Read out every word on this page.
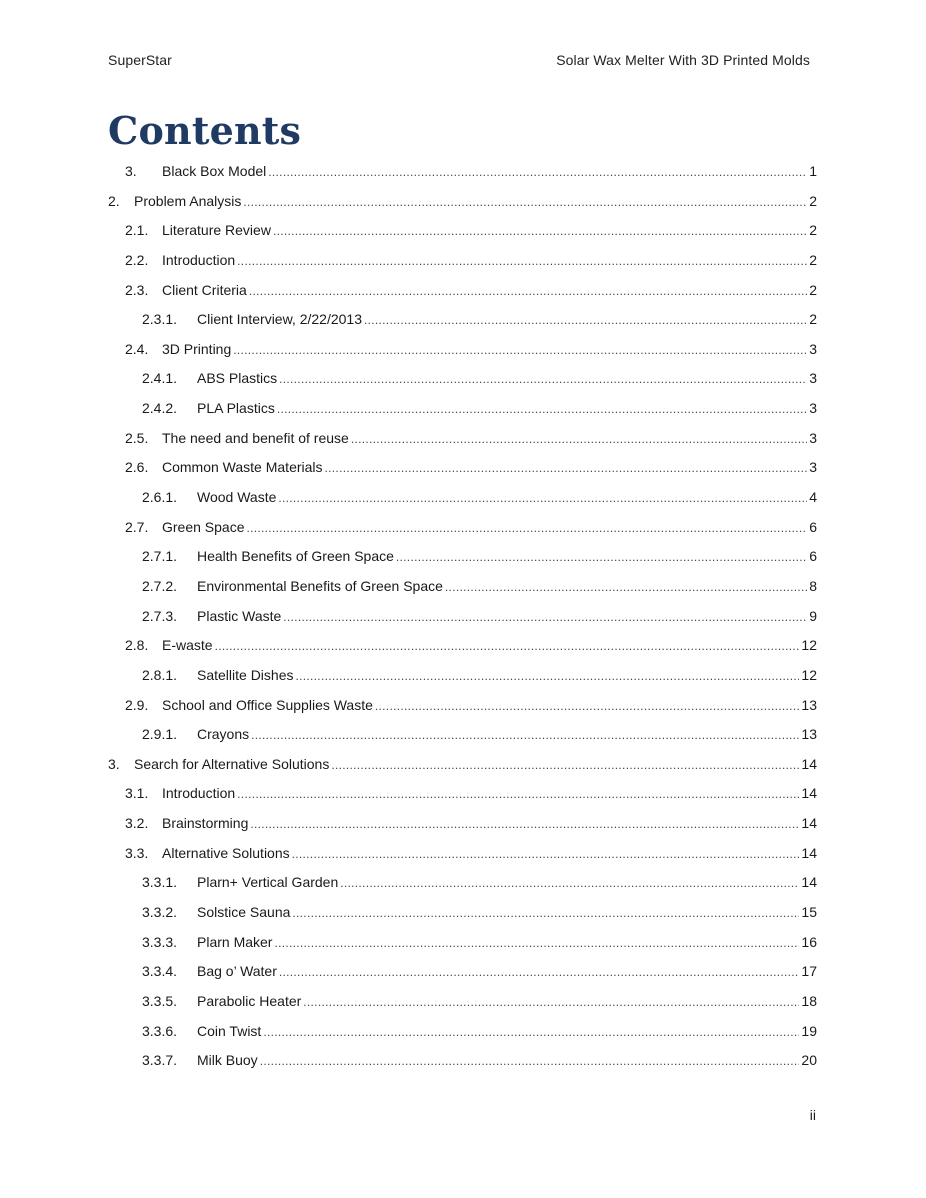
SuperStar	Solar Wax Melter With 3D Printed Molds
Contents
3.	Black Box Model .....	1
2.	Problem Analysis .....	2
2.1. Literature Review .....	2
2.2. Introduction .....	2
2.3. Client Criteria .....	2
2.3.1.	Client Interview, 2/22/2013 .....	2
2.4. 3D Printing .....	3
2.4.1.	ABS Plastics .....	3
2.4.2.	PLA Plastics .....	3
2.5. The need and benefit of reuse .....	3
2.6. Common Waste Materials .....	3
2.6.1.	Wood Waste .....	4
2.7. Green Space .....	6
2.7.1.	Health Benefits of Green Space .....	6
2.7.2.	Environmental Benefits of Green Space .....	8
2.7.3.	Plastic Waste .....	9
2.8. E-waste .....	12
2.8.1.	Satellite Dishes .....	12
2.9. School and Office Supplies Waste .....	13
2.9.1.	Crayons .....	13
3.	Search for Alternative Solutions .....	14
3.1. Introduction .....	14
3.2. Brainstorming .....	14
3.3. Alternative Solutions .....	14
3.3.1.	Plarn+ Vertical Garden .....	14
3.3.2.	Solstice Sauna .....	15
3.3.3.	Plarn Maker .....	16
3.3.4.	Bag o’ Water .....	17
3.3.5.	Parabolic Heater .....	18
3.3.6.	Coin Twist .....	19
3.3.7.	Milk Buoy .....	20
ii
